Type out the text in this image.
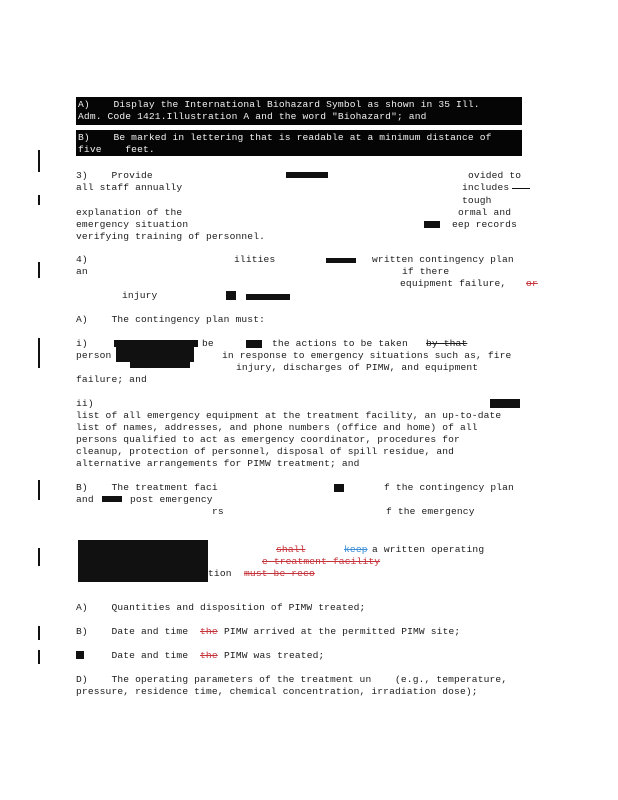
A)    Display the International Biohazard Symbol as shown in 35 Ill.
Adm. Code 1421.Illustration A and the word "Biohazard"; and
B)    Be marked in lettering that is readable at a minimum distance of
five    feet.
3)    Provide	ovided to
all staff annually	includes
tough
explanation of the	ormal and
emergency situation	eep records
verifying training of personnel.
4)	ilities	written contingency plan
an	if there
equipment failure, or
injury
A)    The contingency plan must:
i)	be	the actions to be taken by that
person	in response to emergency situations such as, fire
injury, discharges of PIMW, and equipment
failure; and
ii)
list of all emergency equipment at the treatment facility, an up-to-date
list of names, addresses, and phone numbers (office and home) of all
persons qualified to act as emergency coordinator, procedures for
cleanup, protection of personnel, disposal of spill residue, and
alternative arrangements for PIMW treatment; and
B)    The treatment faci	f the contingency plan
and	post emergency
rs	f the emergency
shall	keep a written operating
e treatment facility
tion must be reco
A)    Quantities and disposition of PIMW treated;
B)    Date and time the PIMW arrived at the permitted PIMW site;
Date and time the PIMW was treated;
D)    The operating parameters of the treatment un    (e.g., temperature,
pressure, residence time, chemical concentration, irradiation dose);
